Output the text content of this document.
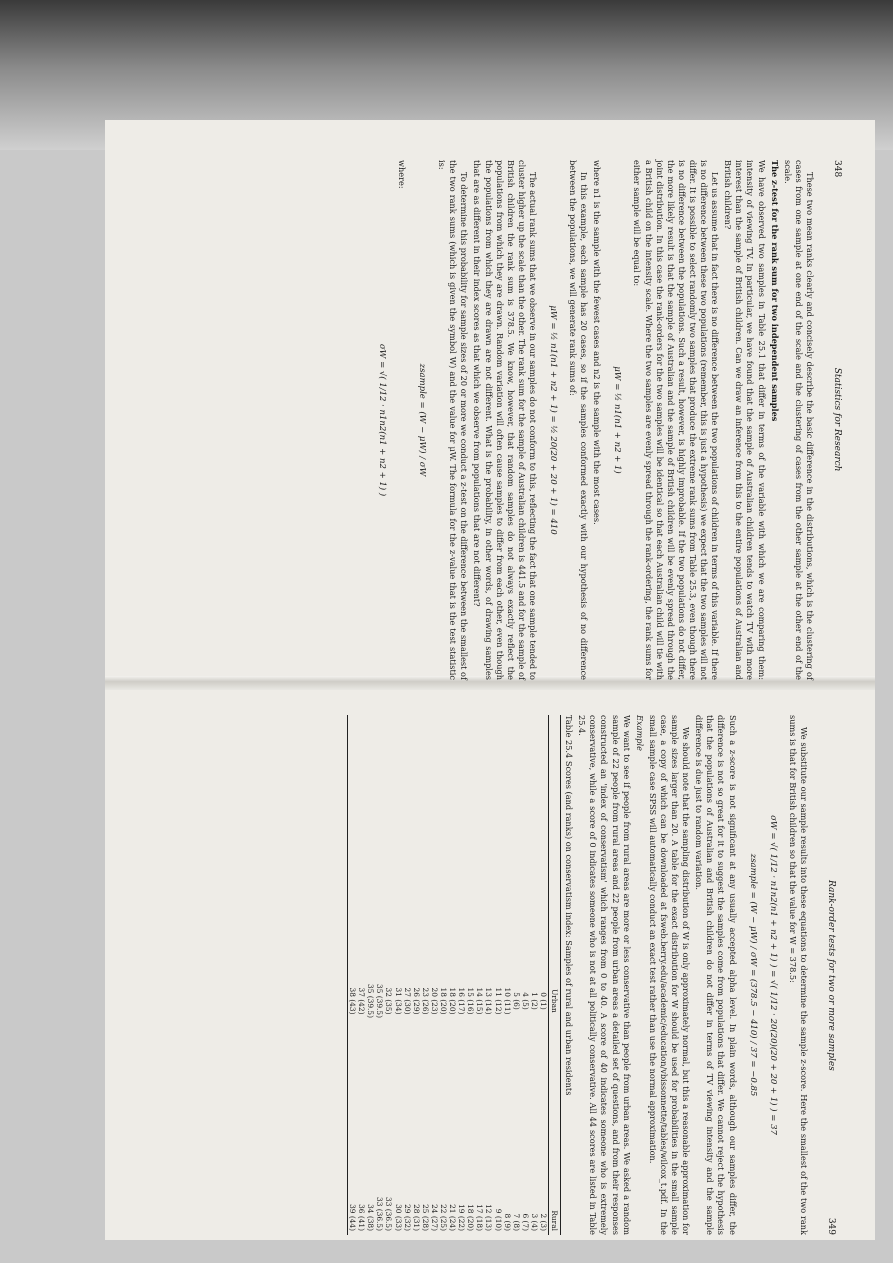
348
Statistics for Research

These two mean ranks clearly and concisely describe the basic difference in the distributions, which is the clustering of cases from one sample at one end of the scale and the clustering of cases from the other sample at the other end of the scale.

The z-test for the rank sum for two independent samples

We have observed two samples in Table 25.1 that differ in terms of the variable with which we are comparing them: intensity of viewing TV. In particular, we have found that the sample of Australian children tends to watch TV with more interest than the sample of British children. Can we draw an inference from this to the entire populations of Australian and British children?

Let us assume that in fact there is no difference between the two populations of children in terms of this variable. If there is no difference between these two populations (remember, this is just a hypothesis) we expect that the two samples will not differ. It is possible to select randomly two samples that produce the extreme rank sums from Table 25.3, even though there is no difference between the populations. Such a result, however, is highly improbable. If the two populations do not differ, the more likely result is that the sample of Australian and the sample of British children will be evenly spread through the joint distribution. In this case the rank-orders for the two samples will be identical so that each Australian child will tie with a British child on the intensity scale. Where the two samples are evenly spread through the rank-ordering, the rank sums for either sample will be equal to:

μW = ½ n1(n1 + n2 + 1)

where n1 is the sample with the fewest cases and n2 is the sample with the most cases.

In this example, each sample has 20 cases, so if the samples conformed exactly with our hypothesis of no difference between the populations, we will generate rank sums of:

μW = ½ n1(n1 + n2 + 1) = ½ 20(20 + 20 + 1) = 410

The actual rank sums that we observe in our samples do not conform to this, reflecting the fact that one sample tended to cluster higher up the scale than the other. The rank sum for the sample of Australian children is 441.5 and for the sample of British children the rank sum is 378.5. We know, however, that random samples do not always exactly reflect the populations from which they are drawn. Random variation will often cause samples to differ from each other, even though the populations from which they are drawn are not different. What is the probability, in other words, of drawing samples that are as different in their index scores as that which we observe from populations that are not different?

To determine this probability for sample sizes of 20 or more we conduct a z-test on the difference between the smallest of the two rank sums (which is given the symbol W) and the value for μW. The formula for the z-value that is the test statistic is:

zsample = (W − μW) / σW

where:

σW = √( 1/12 · n1n2(n1 + n2 + 1) )
Rank-order tests for two or more samples
349

We substitute our sample results into these equations to determine the sample z-score. Here the smallest of the two rank sums is that for British children so that the value for W = 378.5:

σW = √( 1/12 · n1n2(n1 + n2 + 1) ) = √( 1/12 · 20(20)(20 + 20 + 1) ) = 37
zsample = (W − μW) / σW = (378.5 − 410) / 37 = −0.85

Such a z-score is not significant at any usually accepted alpha level. In plain words, although our samples differ, the difference is not so great for it to suggest the samples come from populations that differ. We cannot reject the hypothesis that the populations of Australian and British children do not differ in terms of TV viewing intensity and the sample difference is due just to random variation.

We should note that the sampling distribution of W is only approximately normal, but this a reasonable approximation for sample sizes larger than 20. A table for the exact distribution for W should be used for probabilities in the small sample case, a copy of which can be downloaded at fsweb.berry.edu/academic/education/vbissonnette/tables/wilcox_t.pdf. In the small sample case SPSS will automatically conduct an exact test rather than use the normal approximation.

Example

We want to see if people from rural areas are more or less conservative than people from urban areas. We asked a random sample of 22 people from rural areas and 22 people from urban areas a detailed set of questions, and from their responses constructed an 'index of conservatism' which ranges from 0 to 40. A score of 40 indicates someone who is extremely conservative, while a score of 0 indicates someone who is not at all politically conservative. All 44 scores are listed in Table 25.4.

Table 25.4 Scores (and ranks) on conservatism index: Samples of rural and urban residents

	Urban	Rural
	0 (1)	2 (3)
	1 (2)	3 (4)
	4 (5)	6 (7)
	5 (6)	7 (8)
	10 (11)	8 (9)
	11 (12)	9 (10)
	13 (14)	12 (13)
	14 (15)	17 (18)
	15 (16)	18 (20)
	16 (17)	19 (22)
	18 (20)	21 (24)
	18 (20)	22 (25)
	20 (23)	24 (27)
	23 (26)	25 (28)
	26 (29)	28 (31)
	27 (30)	29 (32)
	31 (34)	30 (33)
	32 (35)	33 (36.5)
	35 (39.5)	33 (36.5)
	35 (39.5)	34 (38)
	37 (42)	36 (41)
	38 (43)	39 (44)
